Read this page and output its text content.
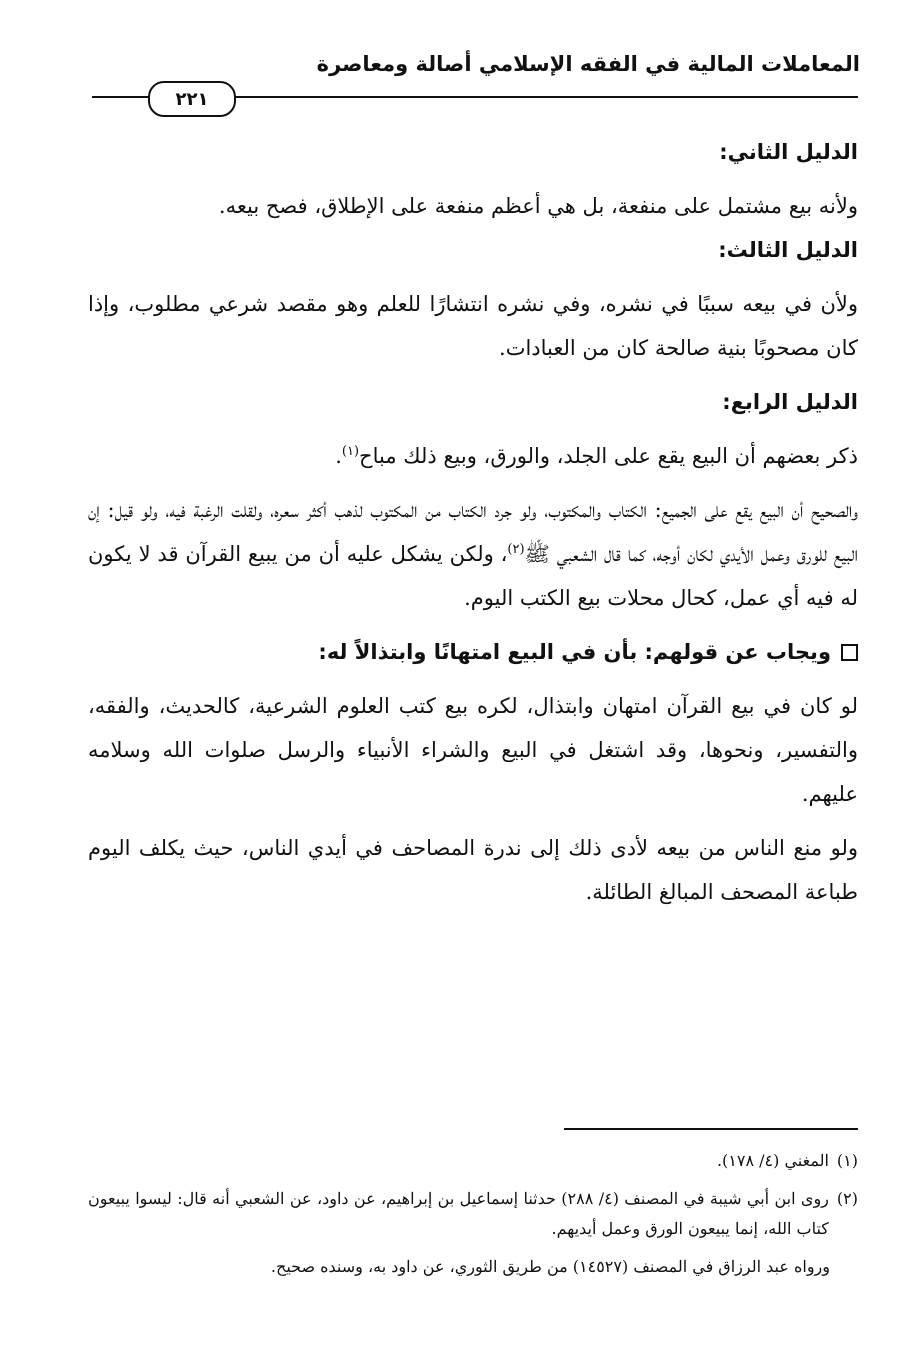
المعاملات المالية في الفقه الإسلامي أصالة ومعاصرة
٢٢١

الدليل الثاني:

ولأنه بيع مشتمل على منفعة، بل هي أعظم منفعة على الإطلاق، فصح بيعه.

الدليل الثالث:

ولأن في بيعه سببًا في نشره، وفي نشره انتشارًا للعلم وهو مقصد شرعي مطلوب، وإذا كان مصحوبًا بنية صالحة كان من العبادات.

الدليل الرابع:

ذكر بعضهم أن البيع يقع على الجلد، والورق، وبيع ذلك مباح$^{(١)}$.

والصحيح أن البيع يقع على الجميع: الكتاب والمكتوب، ولو جرد الكتاب من المكتوب لذهب أكثر سعره، ولقلت الرغبة فيه، ولو قيل: إن البيع للورق وعمل الأيدي لكان أوجه، كما قال الشعبي ﷺ$^{(٢)}$، ولكن يشكل عليه أن من يبيع القرآن قد لا يكون له فيه أي عمل، كحال محلات بيع الكتب اليوم.

ويجاب عن قولهم: بأن في البيع امتهانًا وابتذالاً له:

لو كان في بيع القرآن امتهان وابتذال، لكره بيع كتب العلوم الشرعية، كالحديث، والفقه، والتفسير، ونحوها، وقد اشتغل في البيع والشراء الأنبياء والرسل صلوات الله وسلامه عليهم.

ولو منع الناس من بيعه لأدى ذلك إلى ندرة المصاحف في أيدي الناس، حيث يكلف اليوم طباعة المصحف المبالغ الطائلة.

(١)
المغني (٤/ ١٧٨).
(٢)
روى ابن أبي شيبة في المصنف (٤/ ٢٨٨) حدثنا إسماعيل بن إبراهيم، عن داود، عن الشعبي أنه قال: ليسوا يبيعون كتاب الله، إنما يبيعون الورق وعمل أيديهم.

ورواه عبد الرزاق في المصنف (١٤٥٢٧) من طريق الثوري، عن داود به، وسنده صحيح.
